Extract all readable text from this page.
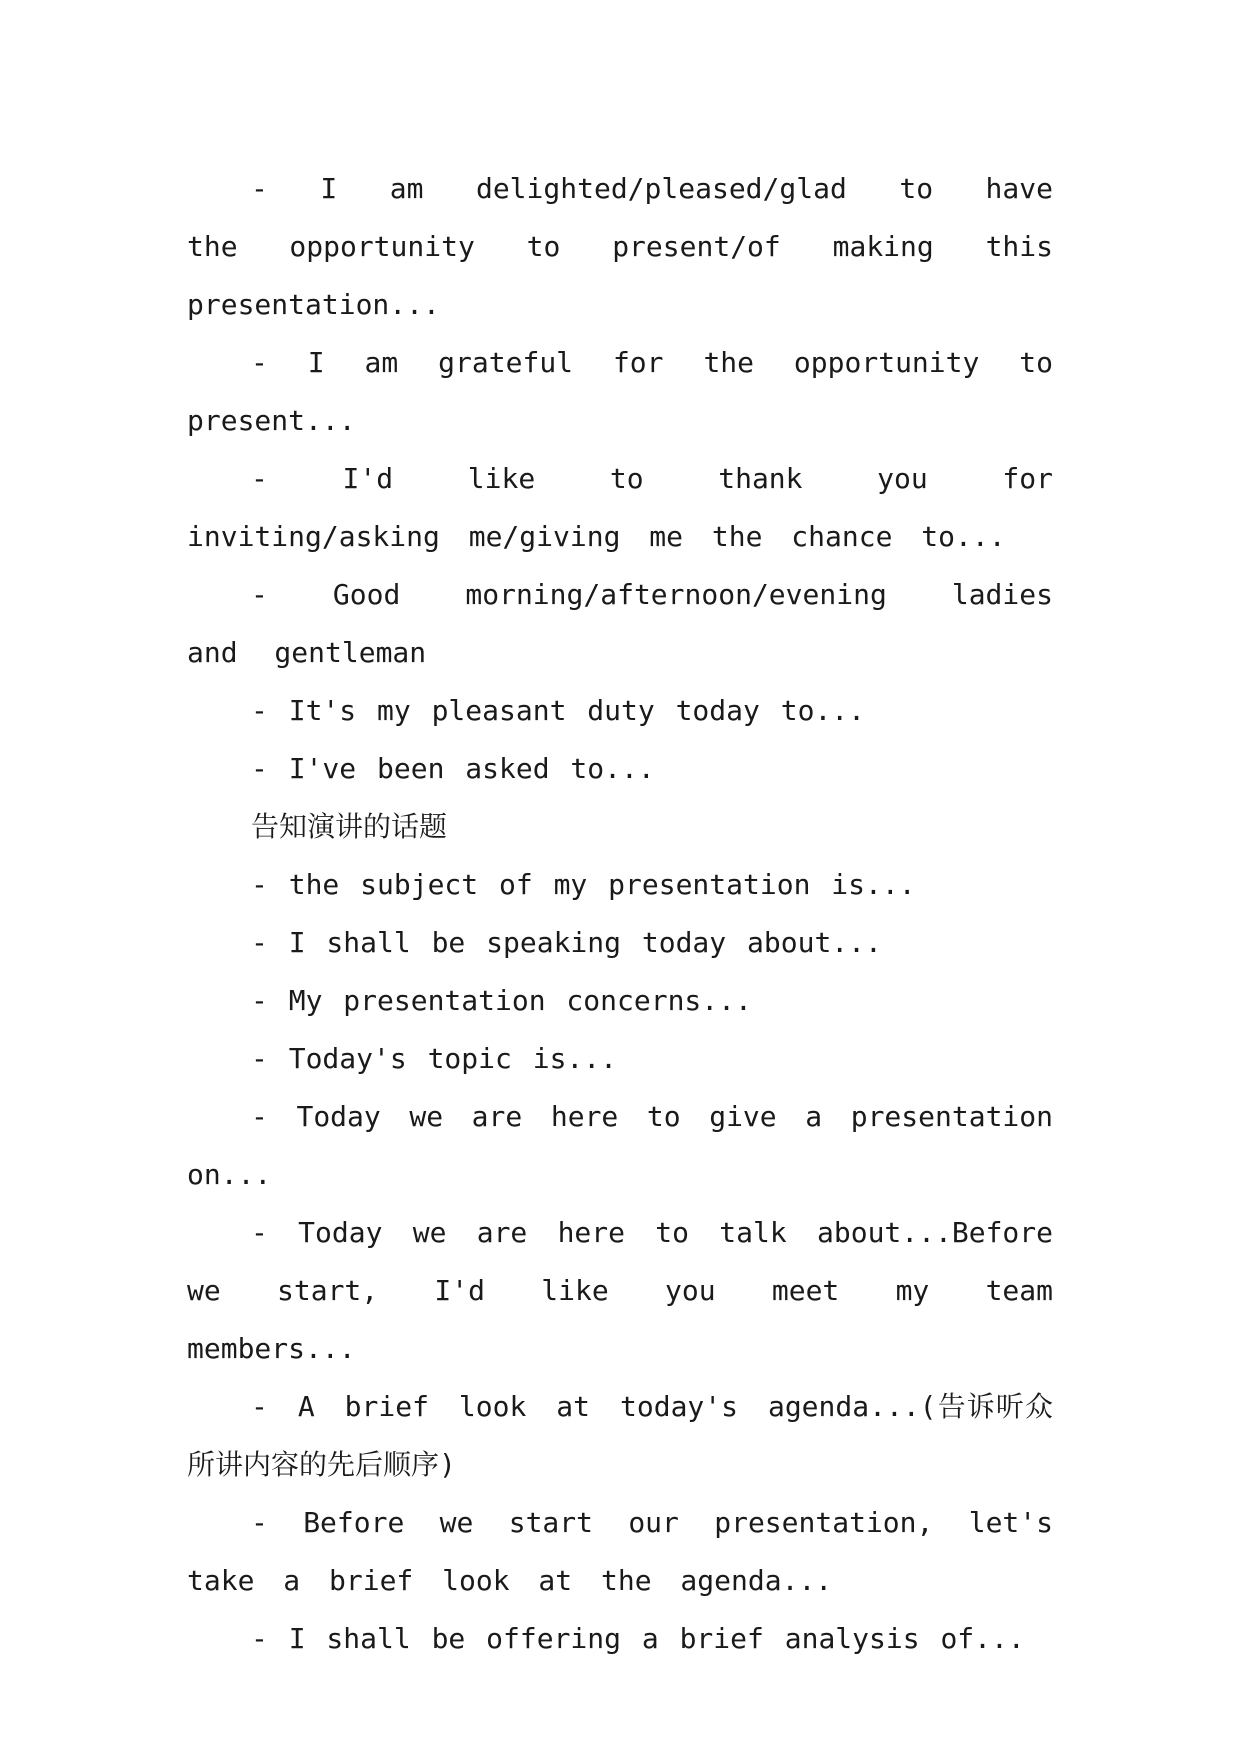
- I am delighted/pleased/glad to have the opportunity to present/of making this presentation...

- I am grateful for the opportunity to present...

- I'd like to thank you for inviting/asking me/giving me the chance to...

- Good morning/afternoon/evening ladies and gentleman

- It's my pleasant duty today to...

- I've been asked to...

告知演讲的话题

- the subject of my presentation is...

- I shall be speaking today about...

- My presentation concerns...

- Today's topic is...

- Today we are here to give a presentation on...

- Today we are here to talk about...Before we start, I'd like you meet my team members...

- A brief look at today's agenda...(告诉听众所讲内容的先后顺序)

- Before we start our presentation, let's take a brief look at the agenda...

- I shall be offering a brief analysis of...
